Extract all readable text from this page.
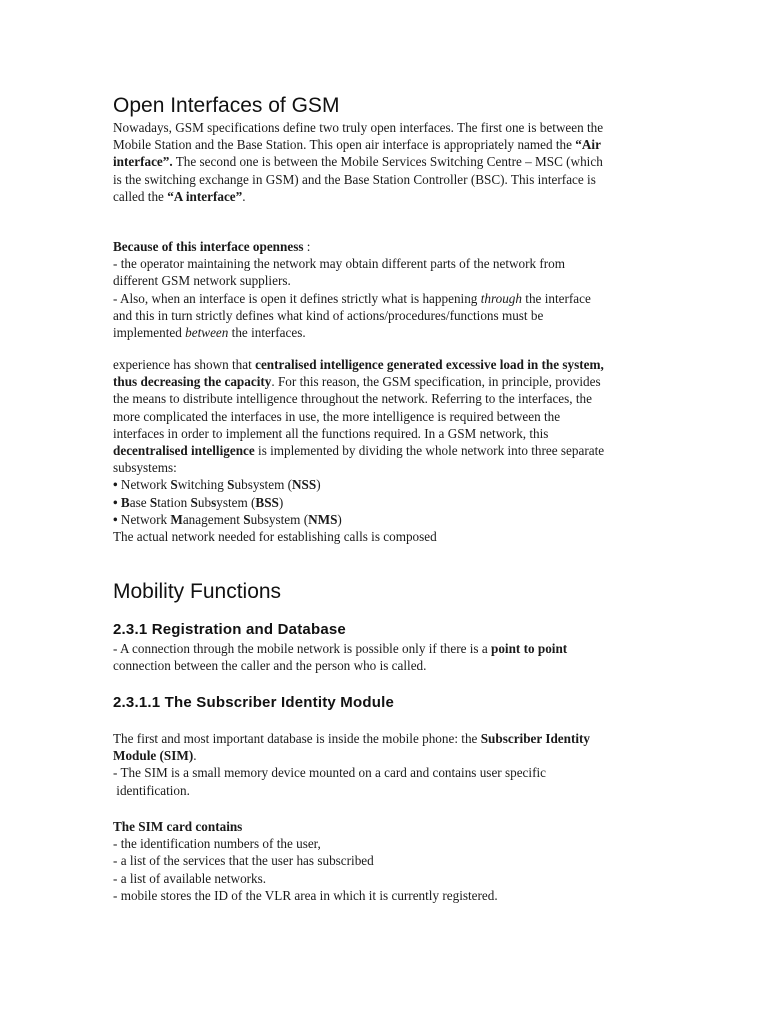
Open Interfaces of GSM
Nowadays, GSM specifications define two truly open interfaces. The first one is between the
Mobile Station and the Base Station. This open air interface is appropriately named the “Air
interface”. The second one is between the Mobile Services Switching Centre – MSC (which
is the switching exchange in GSM) and the Base Station Controller (BSC). This interface is
called the “A interface”.
Because of this interface openness :
- the operator maintaining the network may obtain different parts of the network from
different GSM network suppliers.
- Also, when an interface is open it defines strictly what is happening through the interface
and this in turn strictly defines what kind of actions/procedures/functions must be
implemented between the interfaces.
experience has shown that centralised intelligence generated excessive load in the system,
thus decreasing the capacity. For this reason, the GSM specification, in principle, provides
the means to distribute intelligence throughout the network. Referring to the interfaces, the
more complicated the interfaces in use, the more intelligence is required between the
interfaces in order to implement all the functions required. In a GSM network, this
decentralised intelligence is implemented by dividing the whole network into three separate
subsystems:
• Network Switching Subsystem (NSS)
• Base Station Subsystem (BSS)
• Network Management Subsystem (NMS)
The actual network needed for establishing calls is composed
Mobility Functions
2.3.1 Registration and Database
- A connection through the mobile network is possible only if there is a point to point
connection between the caller and the person who is called.
2.3.1.1 The Subscriber Identity Module
The first and most important database is inside the mobile phone: the Subscriber Identity
Module (SIM).
- The SIM is a small memory device mounted on a card and contains user specific
identification.
The SIM card contains
- the identification numbers of the user,
- a list of the services that the user has subscribed
- a list of available networks.
- mobile stores the ID of the VLR area in which it is currently registered.
